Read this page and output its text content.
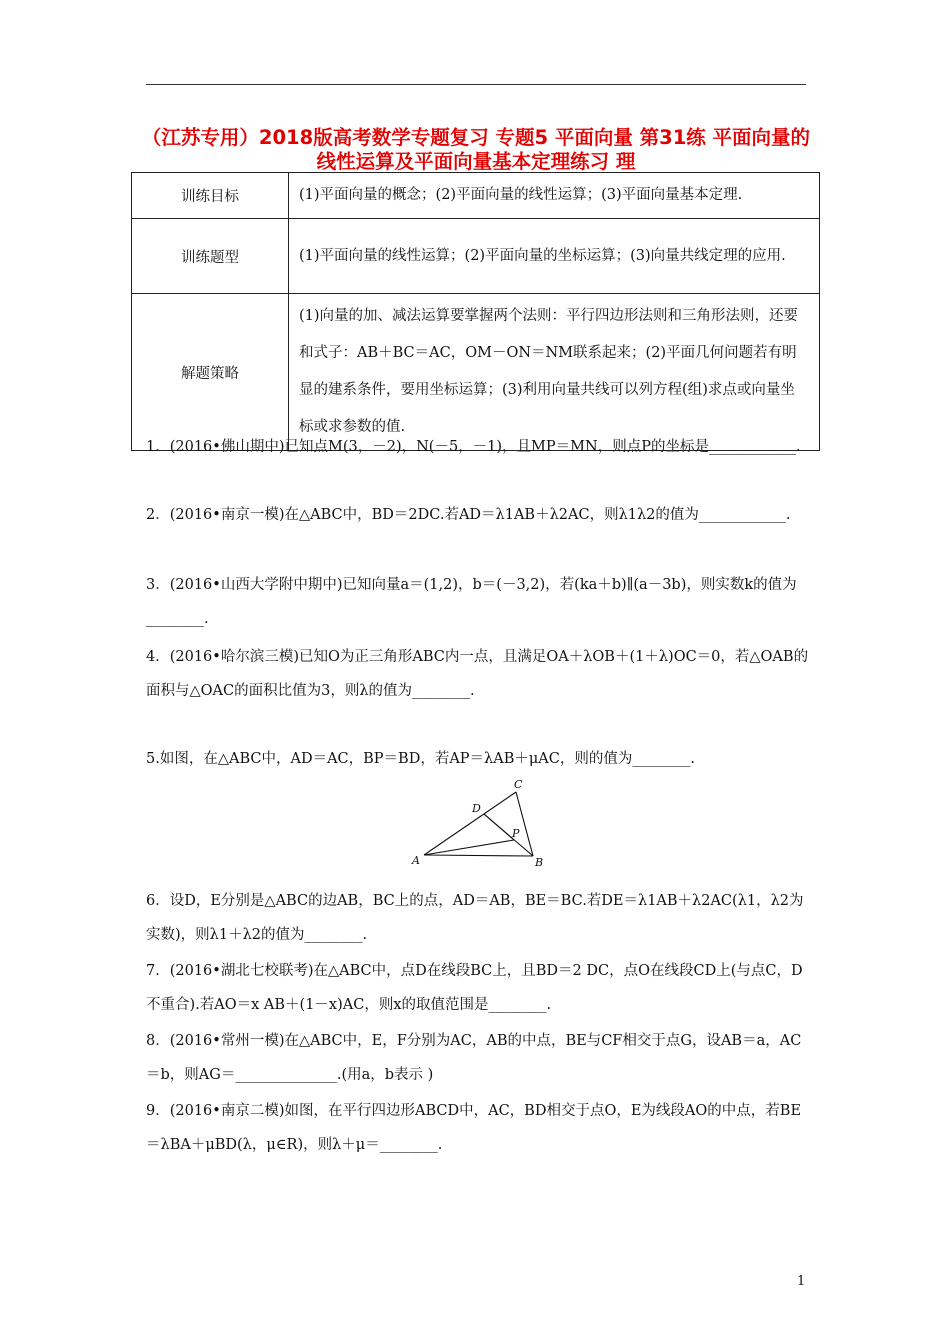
（江苏专用）2018版高考数学专题复习 专题5 平面向量 第31练 平面向量的线性运算及平面向量基本定理练习 理
训练目标	(1)平面向量的概念；(2)平面向量的线性运算；(3)平面向量基本定理.
训练题型	(1)平面向量的线性运算；(2)平面向量的坐标运算；(3)向量共线定理的应用.
解题策略	(1)向量的加、减法运算要掌握两个法则：平行四边形法则和三角形法则，还要和式子：AB＋BC＝AC，OM－ON＝NM联系起来；(2)平面几何问题若有明显的建系条件，要用坐标运算；(3)利用向量共线可以列方程(组)求点或向量坐标或求参数的值.
1．(2016•佛山期中)已知点M(3，－2)，N(－5，－1)，且MP＝MN，则点P的坐标是____________.
2．(2016•南京一模)在△ABC中，BD＝2DC.若AD＝λ1AB＋λ2AC，则λ1λ2的值为____________.
3．(2016•山西大学附中期中)已知向量a＝(1,2)，b＝(－3,2)，若(ka＋b)∥(a－3b)，则实数k的值为________.
4．(2016•哈尔滨三模)已知O为正三角形ABC内一点，且满足OA＋λOB＋(1＋λ)OC＝0，若△OAB的面积与△OAC的面积比值为3，则λ的值为________.
5.如图，在△ABC中，AD＝AC，BP＝BD，若AP＝λAB＋μAC，则的值为________.
A	B
C
D
P
6．设D，E分别是△ABC的边AB，BC上的点，AD＝AB，BE＝BC.若DE＝λ1AB＋λ2AC(λ1，λ2为实数)，则λ1＋λ2的值为________.
7．(2016•湖北七校联考)在△ABC中，点D在线段BC上，且BD＝2 DC，点O在线段CD上(与点C，D不重合).若AO＝x AB＋(1－x)AC，则x的取值范围是________.
8．(2016•常州一模)在△ABC中，E，F分别为AC，AB的中点，BE与CF相交于点G，设AB＝a，AC＝b，则AG＝______________.(用a，b表示 )
9．(2016•南京二模)如图，在平行四边形ABCD中，AC，BD相交于点O，E为线段AO的中点，若BE＝λBA＋μBD(λ，μ∈R)，则λ＋μ＝________.
1
